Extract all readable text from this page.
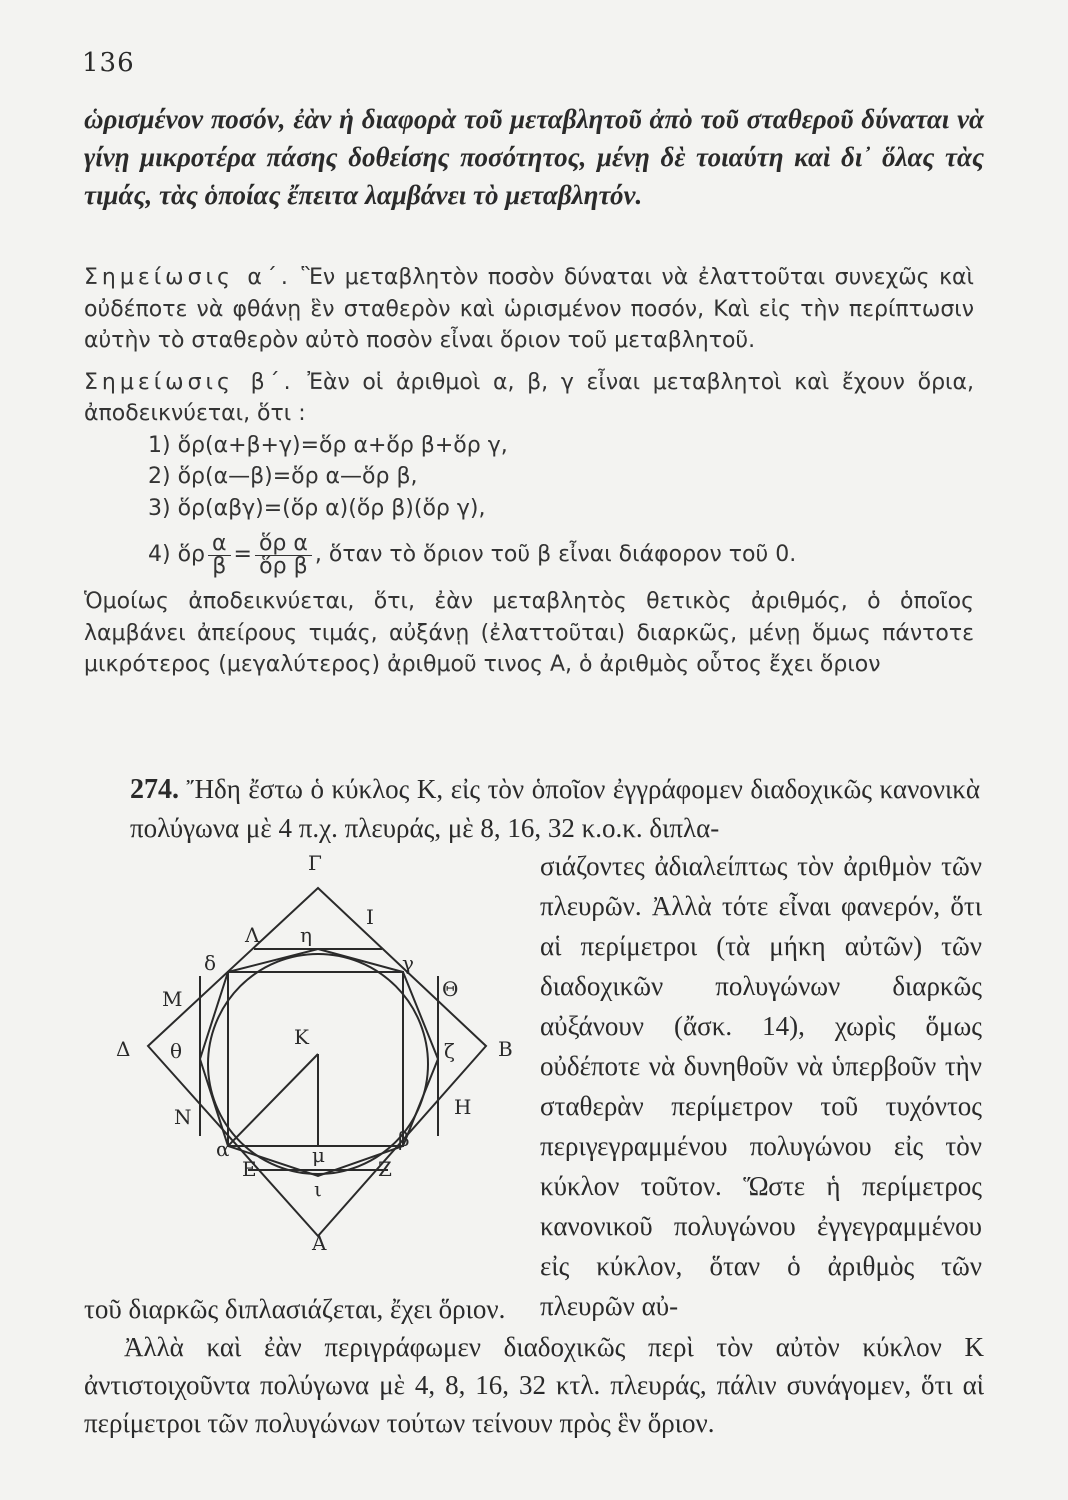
136

ὡρισμένον ποσόν, ἐὰν ἡ διαφορὰ τοῦ μεταβλητοῦ ἀπὸ τοῦ σταθεροῦ δύναται νὰ γίνῃ μικροτέρα πάσης δοθείσης ποσότητος, μένῃ δὲ τοιαύτη καὶ δι᾿ ὅλας τὰς τιμάς, τὰς ὁποίας ἔπειτα λαμβάνει τὸ μεταβλητόν.

Σημείωσις α΄. Ἓν μεταβλητὸν ποσὸν δύναται νὰ ἐλαττοῦται συνεχῶς καὶ οὐδέποτε νὰ φθάνῃ ἓν σταθερὸν καὶ ὡρισμένον ποσόν, Καὶ εἰς τὴν περίπτωσιν αὐτὴν τὸ σταθερὸν αὐτὸ ποσὸν εἶναι ὅριον τοῦ μεταβλητοῦ.

Σημείωσις β΄. Ἐὰν οἱ ἀριθμοὶ α, β, γ εἶναι μεταβλητοὶ καὶ ἔχουν ὅρια, ἀποδεικνύεται, ὅτι :

1) ὅρ(α+β+γ)=ὅρ α+ὅρ β+ὅρ γ,

2) ὅρ(α—β)=ὅρ α—ὅρ β,

3) ὅρ(αβγ)=(ὅρ α)(ὅρ β)(ὅρ γ),

4) ὅρ $\frac{\alpha}{\beta} = \frac{\text{ὅρ α}}{\text{ὅρ β}}$ , ὅταν τὸ ὅριον τοῦ β εἶναι διάφορον τοῦ 0.

Ὁμοίως ἀποδεικνύεται, ὅτι, ἐὰν μεταβλητὸς θετικὸς ἀριθμός, ὁ ὁποῖος λαμβάνει ἀπείρους τιμάς, αὐξάνῃ (ἐλαττοῦται) διαρκῶς, μένῃ ὅμως πάντοτε μικρότερος (μεγαλύτερος) ἀριθμοῦ τινος Α, ὁ ἀριθμὸς οὗτος ἔχει ὅριον

274. Ἤδη ἔστω ὁ κύκλος Κ, εἰς τὸν ὁποῖον ἐγγράφομεν διαδοχικῶς κανονικὰ πολύγωνα μὲ 4 π.χ. πλευράς, μὲ 8, 16, 32 κ.ο.κ. διπλα-

Γ
Λ η
Ι
δ	γ
Μ	Θ
Δ θ
Κ
ζ Β
Ν	Η
α	β
μ
Ε	Ζ
ι
Α

σιάζοντες ἀδιαλείπτως τὸν ἀριθμὸν τῶν πλευρῶν. Ἀλλὰ τότε εἶναι φανερόν, ὅτι αἱ περίμετροι (τὰ μήκη αὐτῶν) τῶν διαδοχικῶν πολυγώνων διαρκῶς αὐξάνουν (ἄσκ. 14), χωρὶς ὅμως οὐδέποτε νὰ δυνηθοῦν νὰ ὑπερβοῦν τὴν σταθερὰν περίμετρον τοῦ τυχόντος περιγεγραμμένου πολυγώνου εἰς τὸν κύκλον τοῦτον. Ὥστε ἡ περίμετρος κανονικοῦ πολυγώνου ἐγγεγραμμένου εἰς κύκλον, ὅταν ὁ ἀριθμὸς τῶν πλευρῶν αὐ-

τοῦ διαρκῶς διπλασιάζεται, ἔχει ὅριον.

Ἀλλὰ καὶ ἐὰν περιγράφωμεν διαδοχικῶς περὶ τὸν αὐτὸν κύκλον Κ ἀντιστοιχοῦντα πολύγωνα μὲ 4, 8, 16, 32 κτλ. πλευράς, πάλιν συνάγομεν, ὅτι αἱ περίμετροι τῶν πολυγώνων τούτων τείνουν πρὸς ἓν ὅριον.
